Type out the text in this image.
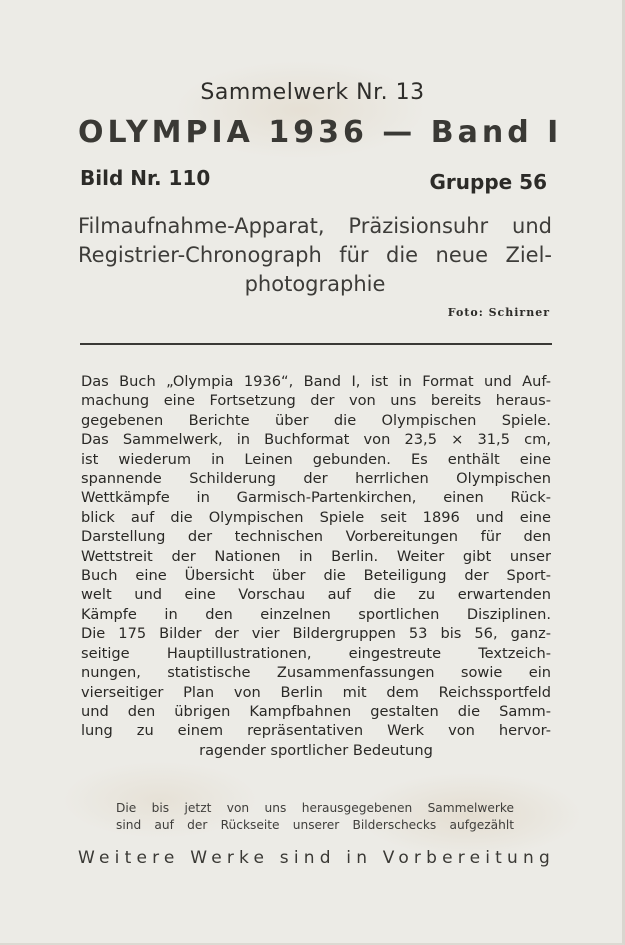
Sammelwerk Nr. 13
OLYMPIA 1936 — Band I
Bild Nr. 110	Gruppe 56
Filmaufnahme-Apparat, Präzisionsuhr und
Registrier-Chronograph für die neue Ziel-
photographie
Foto: Schirner
Das Buch „Olympia 1936“, Band I, ist in Format und Auf-
machung eine Fortsetzung der von uns bereits heraus-
gegebenen Berichte über die Olympischen Spiele.
Das Sammelwerk, in Buchformat von 23,5 × 31,5 cm,
ist wiederum in Leinen gebunden. Es enthält eine
spannende Schilderung der herrlichen Olympischen
Wettkämpfe in Garmisch-Partenkirchen, einen Rück-
blick auf die Olympischen Spiele seit 1896 und eine
Darstellung der technischen Vorbereitungen für den
Wettstreit der Nationen in Berlin. Weiter gibt unser
Buch eine Übersicht über die Beteiligung der Sport-
welt und eine Vorschau auf die zu erwartenden
Kämpfe in den einzelnen sportlichen Disziplinen.
Die 175 Bilder der vier Bildergruppen 53 bis 56, ganz-
seitige Hauptillustrationen, eingestreute Textzeich-
nungen, statistische Zusammenfassungen sowie ein
vierseitiger Plan von Berlin mit dem Reichssportfeld
und den übrigen Kampfbahnen gestalten die Samm-
lung zu einem repräsentativen Werk von hervor-
ragender sportlicher Bedeutung
Die bis jetzt von uns herausgegebenen Sammelwerke
sind auf der Rückseite unserer Bilderschecks aufgezählt
Weitere Werke sind in Vorbereitung
